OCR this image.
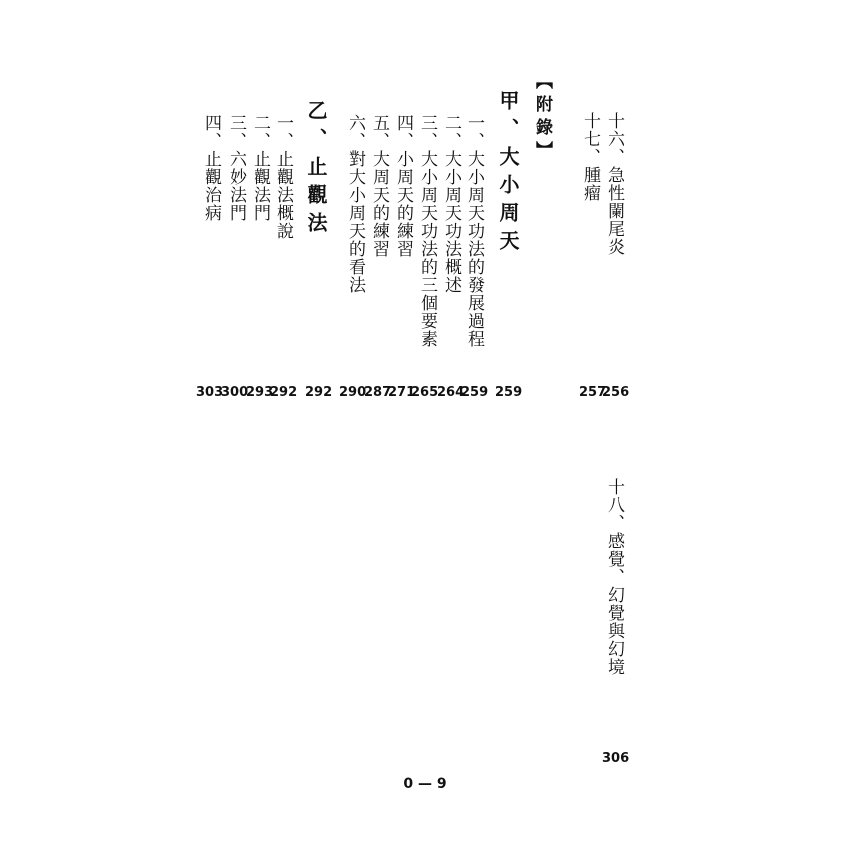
十六、急性闌尾炎
256
十七、腫瘤
257
【附錄】
甲、大小周天
259
一、大小周天功法的發展過程
259
二、大小周天功法概述
264
三、大小周天功法的三個要素
265
四、小周天的練習
271
五、大周天的練習
287
六、對大小周天的看法
290
乙、止觀法
292
一、止觀法概說
292
二、止觀法門
293
三、六妙法門
300
四、止觀治病
303
十八、感覺、幻覺與幻境
306
0 — 9
